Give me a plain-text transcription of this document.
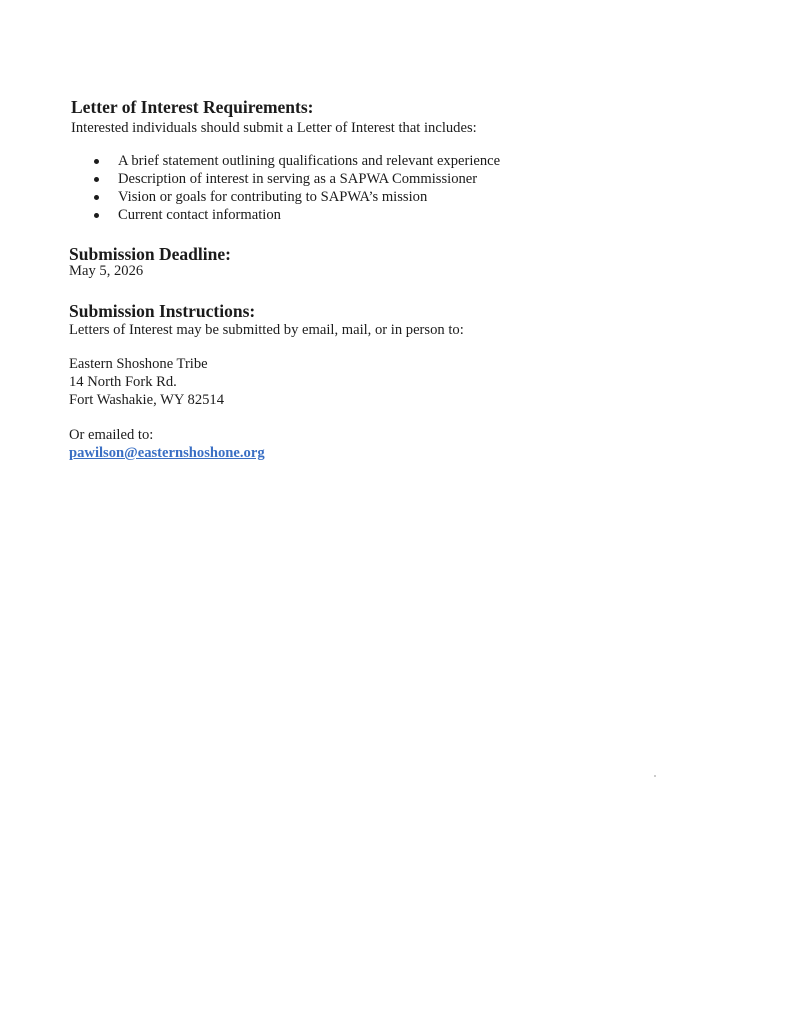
Letter of Interest Requirements:

Interested individuals should submit a Letter of Interest that includes:

A brief statement outlining qualifications and relevant experience
Description of interest in serving as a SAPWA Commissioner
Vision or goals for contributing to SAPWA’s mission
Current contact information
Submission Deadline:

May 5, 2026

Submission Instructions:

Letters of Interest may be submitted by email, mail, or in person to:

Eastern Shoshone Tribe

14 North Fork Rd.

Fort Washakie, WY 82514

Or emailed to:

pawilson@easternshoshone.org
